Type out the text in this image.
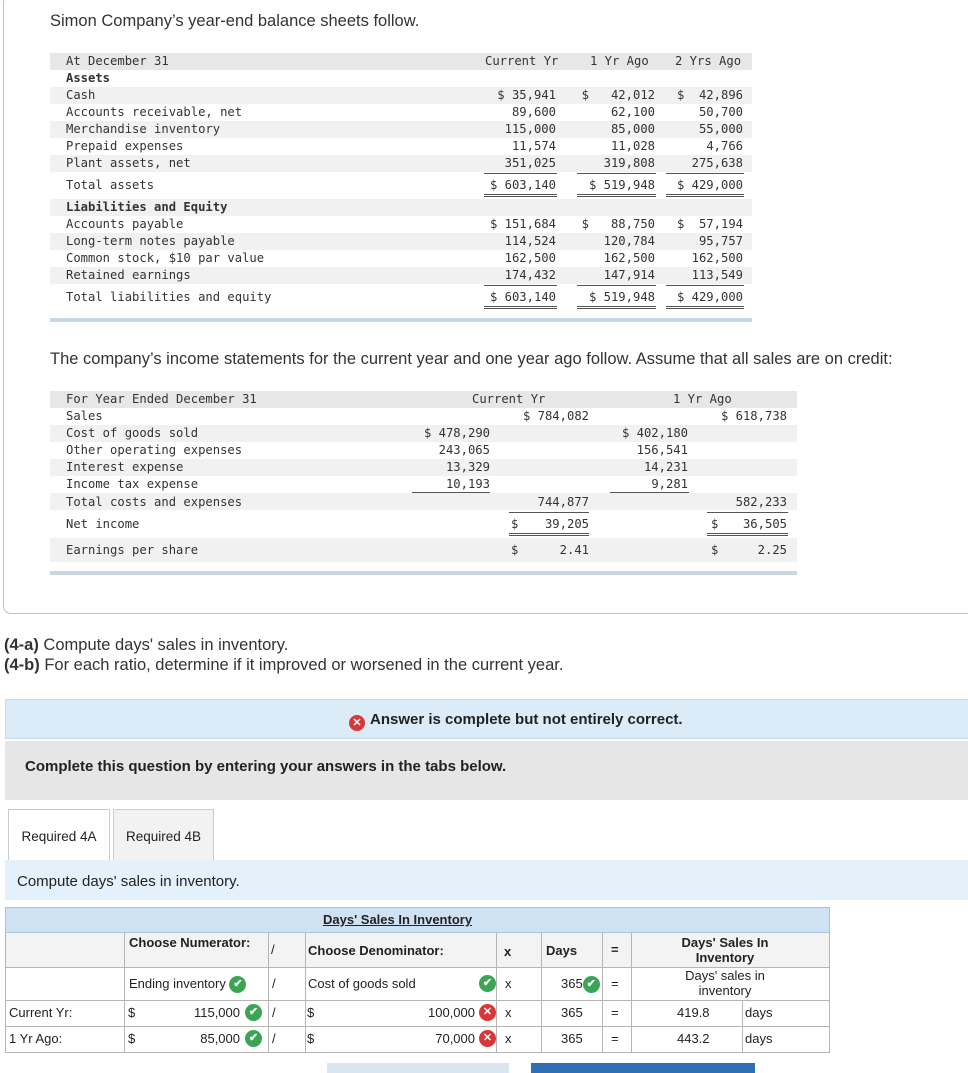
Simon Company’s year-end balance sheets follow.
At December 31	Current Yr	1 Yr Ago 2 Yrs Ago
Assets
Cash	$ 35,941	$   42,012	$  42,896
Accounts receivable, net	89,600	62,100	50,700
Merchandise inventory	115,000	85,000	55,000
Prepaid expenses	11,574	11,028	4,766
Plant assets, net	351,025	319,808	275,638
Total assets	$ 603,140	$ 519,948	$ 429,000
Liabilities and Equity
Accounts payable	$ 151,684	$   88,750	$  57,194
Long-term notes payable	114,524	120,784	95,757
Common stock, $10 par value	162,500	162,500	162,500
Retained earnings	174,432	147,914	113,549
Total liabilities and equity	$ 603,140	$ 519,948	$ 429,000
The company’s income statements for the current year and one year ago follow. Assume that all sales are on credit:
For Year Ended December 31	Current Yr	1 Yr Ago
Sales	$ 784,082	$ 618,738
Cost of goods sold	$ 478,290	$ 402,180
Other operating expenses	243,065	156,541
Interest expense	13,329	14,231
Income tax expense	10,193	9,281
Total costs and expenses	744,877	582,233
Net income	$	39,205	$	36,505
Earnings per share	$	2.41	$	2.25
(4-a) Compute days' sales in inventory.
(4-b) For each ratio, determine if it improved or worsened in the current year.
✕ Answer is complete but not entirely correct.
Complete this question by entering your answers in the tabs below.
Required 4A	Required 4B
Compute days' sales in inventory.
Days' Sales In Inventory
Choose Numerator: /	Choose Denominator:	x	Days	=	Days' Sales In Inventory
Ending inventory ✔ / Cost of goods sold	✔ x	365 ✔ =
Days' sales in inventory
Current Yr:	$	115,000 ✔ / $	100,000 ✕ x	365 =	419.8	days
1 Yr Ago:	$	85,000 ✔ / $	70,000 ✕ x	365 =	443.2	days
